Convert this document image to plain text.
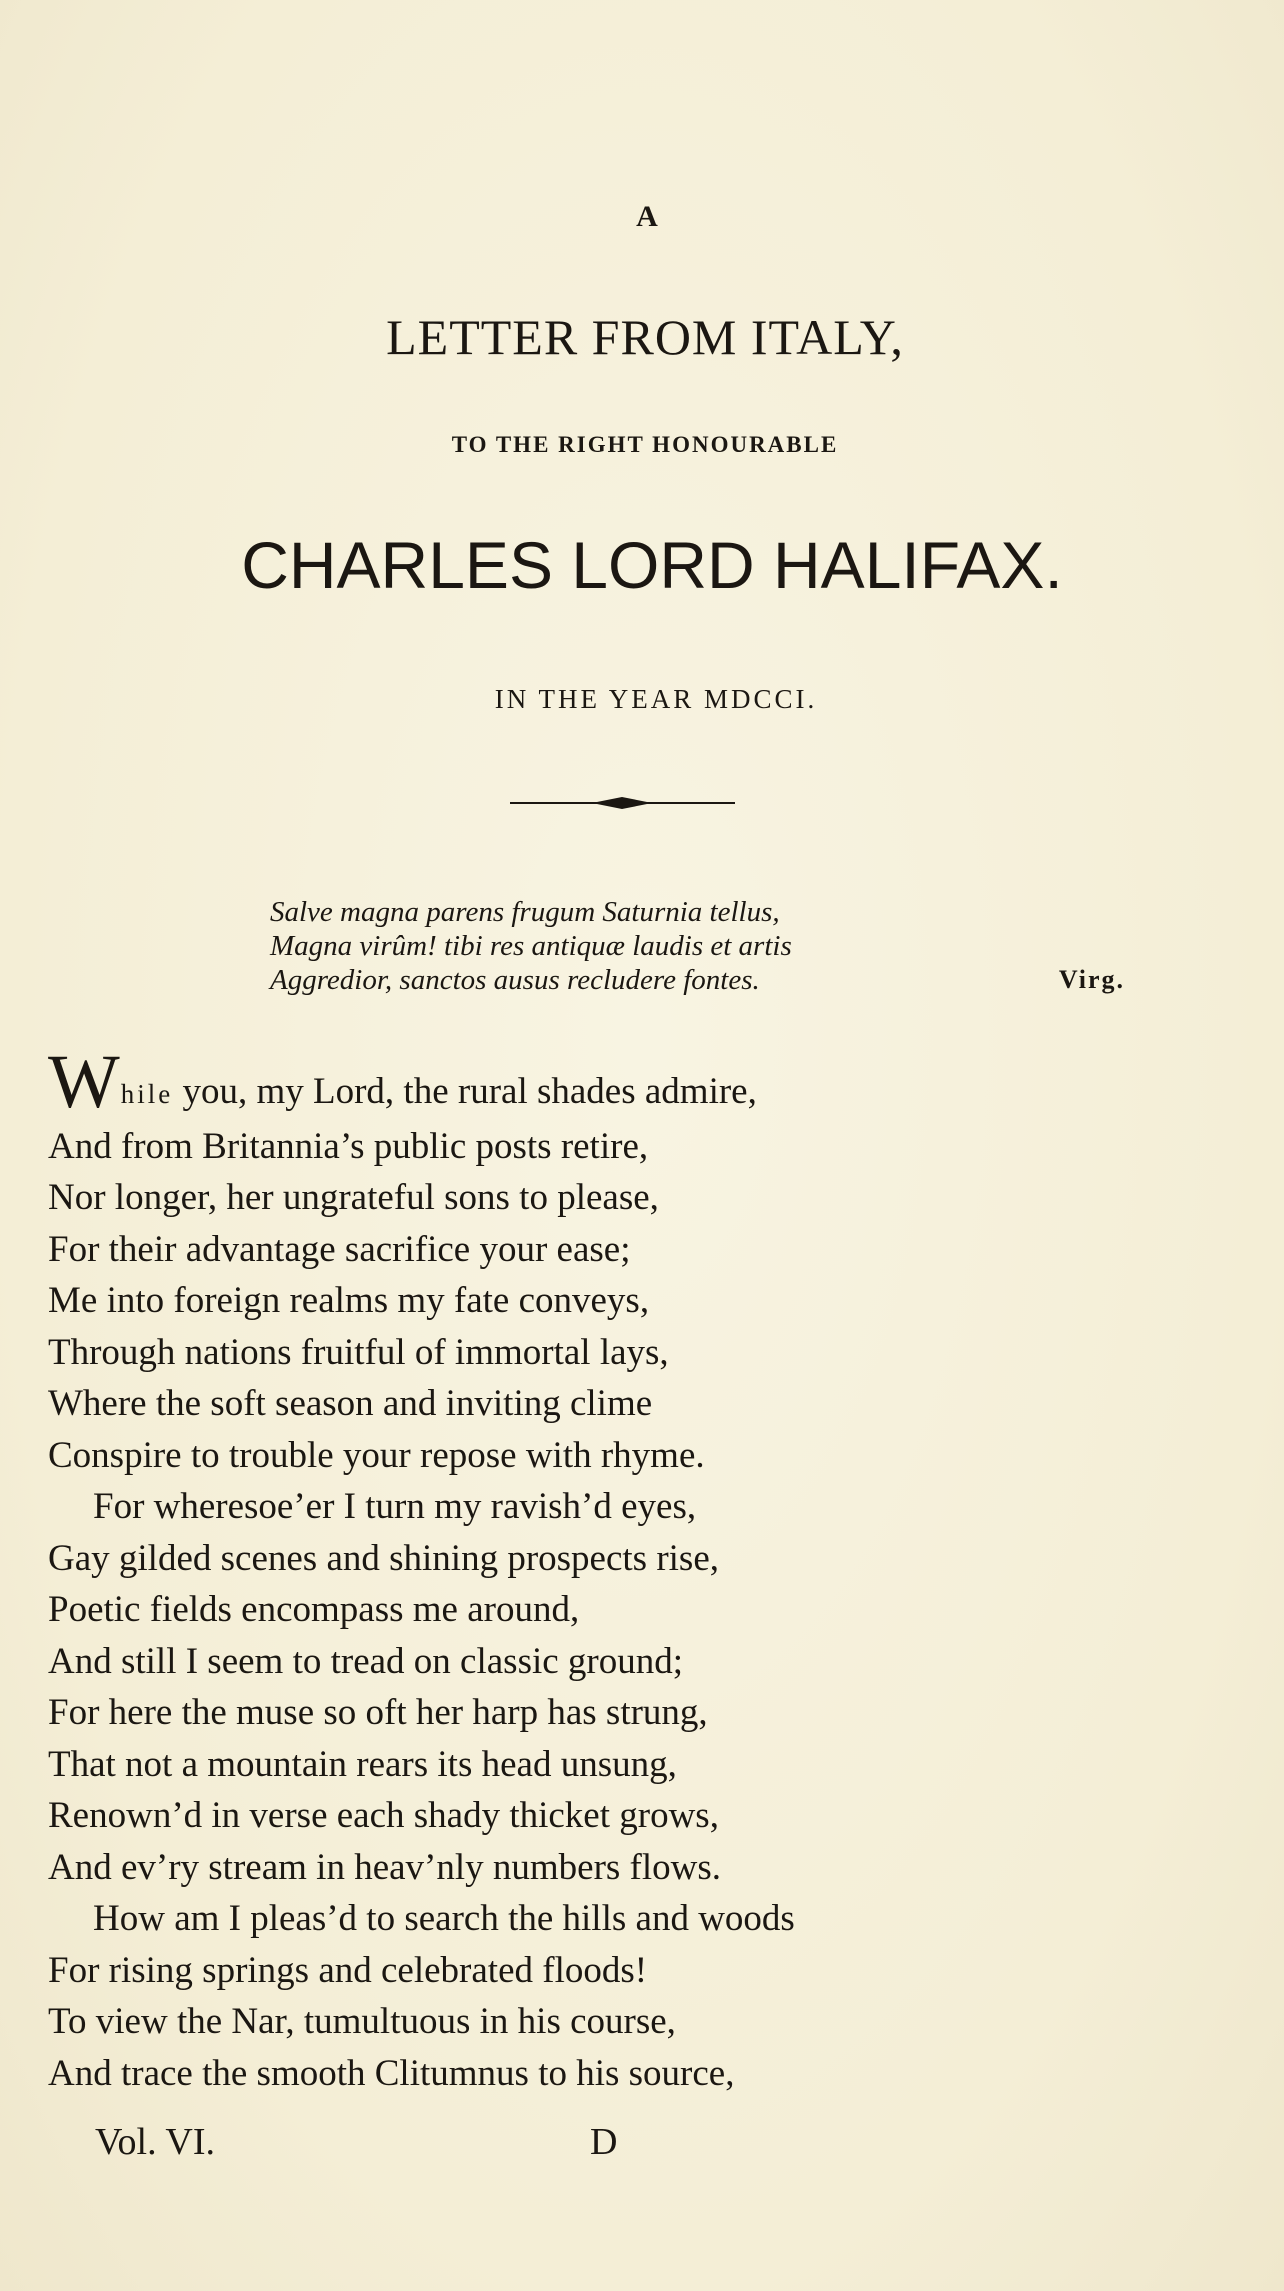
A
LETTER FROM ITALY,
TO THE RIGHT HONOURABLE
CHARLES LORD HALIFAX.
IN THE YEAR MDCCI.
Salve magna parens frugum Saturnia tellus,
Magna virûm! tibi res antiquæ laudis et artis
Aggredior, sanctos ausus recludere fontes.	Virg.
While you, my Lord, the rural shades admire,
And from Britannia’s public posts retire,
Nor longer, her ungrateful sons to please,
For their advantage sacrifice your ease;
Me into foreign realms my fate conveys,
Through nations fruitful of immortal lays,
Where the soft season and inviting clime
Conspire to trouble your repose with rhyme.
For wheresoe’er I turn my ravish’d eyes,
Gay gilded scenes and shining prospects rise,
Poetic fields encompass me around,
And still I seem to tread on classic ground;
For here the muse so oft her harp has strung,
That not a mountain rears its head unsung,
Renown’d in verse each shady thicket grows,
And ev’ry stream in heav’nly numbers flows.
How am I pleas’d to search the hills and woods
For rising springs and celebrated floods!
To view the Nar, tumultuous in his course,
And trace the smooth Clitumnus to his source,
Vol. VI.	D
